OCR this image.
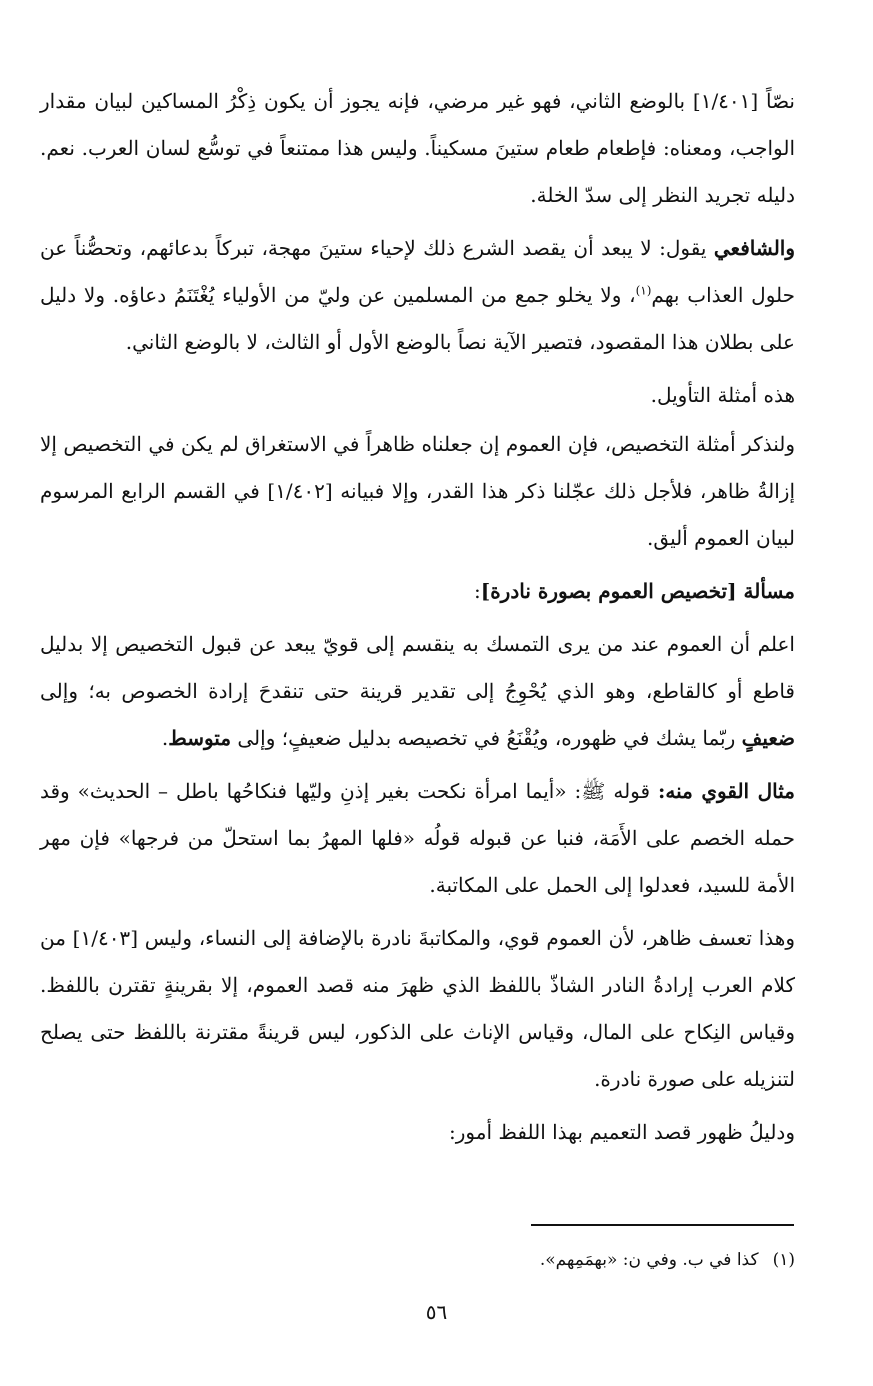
نصّاً [١/٤٠١] بالوضع الثاني، فهو غير مرضي، فإنه يجوز أن يكون ذِكْرُ المساكين لبيان مقدار الواجب، ومعناه: فإطعام طعام ستينَ مسكيناً. وليس هذا ممتنعاً في توسُّع لسان العرب. نعم. دليله تجريد النظر إلى سدّ الخلة.

والشافعي يقول: لا يبعد أن يقصد الشرع ذلك لإحياء ستينَ مهجة، تبركاً بدعائهم، وتحصُّناً عن حلول العذاب بهم$^{(١)}$، ولا يخلو جمع من المسلمين عن وليّ من الأولياء يُغْتَنَمُ دعاؤه. ولا دليل على بطلان هذا المقصود، فتصير الآية نصاً بالوضع الأول أو الثالث، لا بالوضع الثاني.

هذه أمثلة التأويل.

ولنذكر أمثلة التخصيص، فإن العموم إن جعلناه ظاهراً في الاستغراق لم يكن في التخصيص إلا إزالةُ ظاهر، فلأجل ذلك عجّلنا ذكر هذا القدر، وإلا فبيانه [١/٤٠٢] في القسم الرابع المرسوم لبيان العموم أليق.

مسألة [تخصيص العموم بصورة نادرة]:

اعلم أن العموم عند من يرى التمسك به ينقسم إلى قويّ يبعد عن قبول التخصيص إلا بدليل قاطع أو كالقاطع، وهو الذي يُحْوِجُ إلى تقدير قرينة حتى تنقدحَ إرادة الخصوص به؛ وإلى ضعيفٍ ربّما يشك في ظهوره، ويُقْنَعُ في تخصيصه بدليل ضعيفٍ؛ وإلى متوسط.

مثال القوي منه: قوله ﷺ: «أيما امرأة نكحت بغير إذنِ وليّها فنكاحُها باطل – الحديث» وقد حمله الخصم على الأَمَة، فنبا عن قبوله قولُه «فلها المهرُ بما استحلّ من فرجها» فإن مهر الأمة للسيد، فعدلوا إلى الحمل على المكاتبة.

وهذا تعسف ظاهر، لأن العموم قوي، والمكاتبةَ نادرة بالإضافة إلى النساء، وليس [١/٤٠٣] من كلام العرب إرادةُ النادر الشاذّ باللفظ الذي ظهرَ منه قصد العموم، إلا بقرينةٍ تقترن باللفظ. وقياس النِكاح على المال، وقياس الإناث على الذكور، ليس قرينةً مقترنة باللفظ حتى يصلح لتنزيله على صورة نادرة.

ودليلُ ظهور قصد التعميم بهذا اللفظ أمور:

(١)كذا في ب. وفي ن: «بهمَمِهم».
٥٦
